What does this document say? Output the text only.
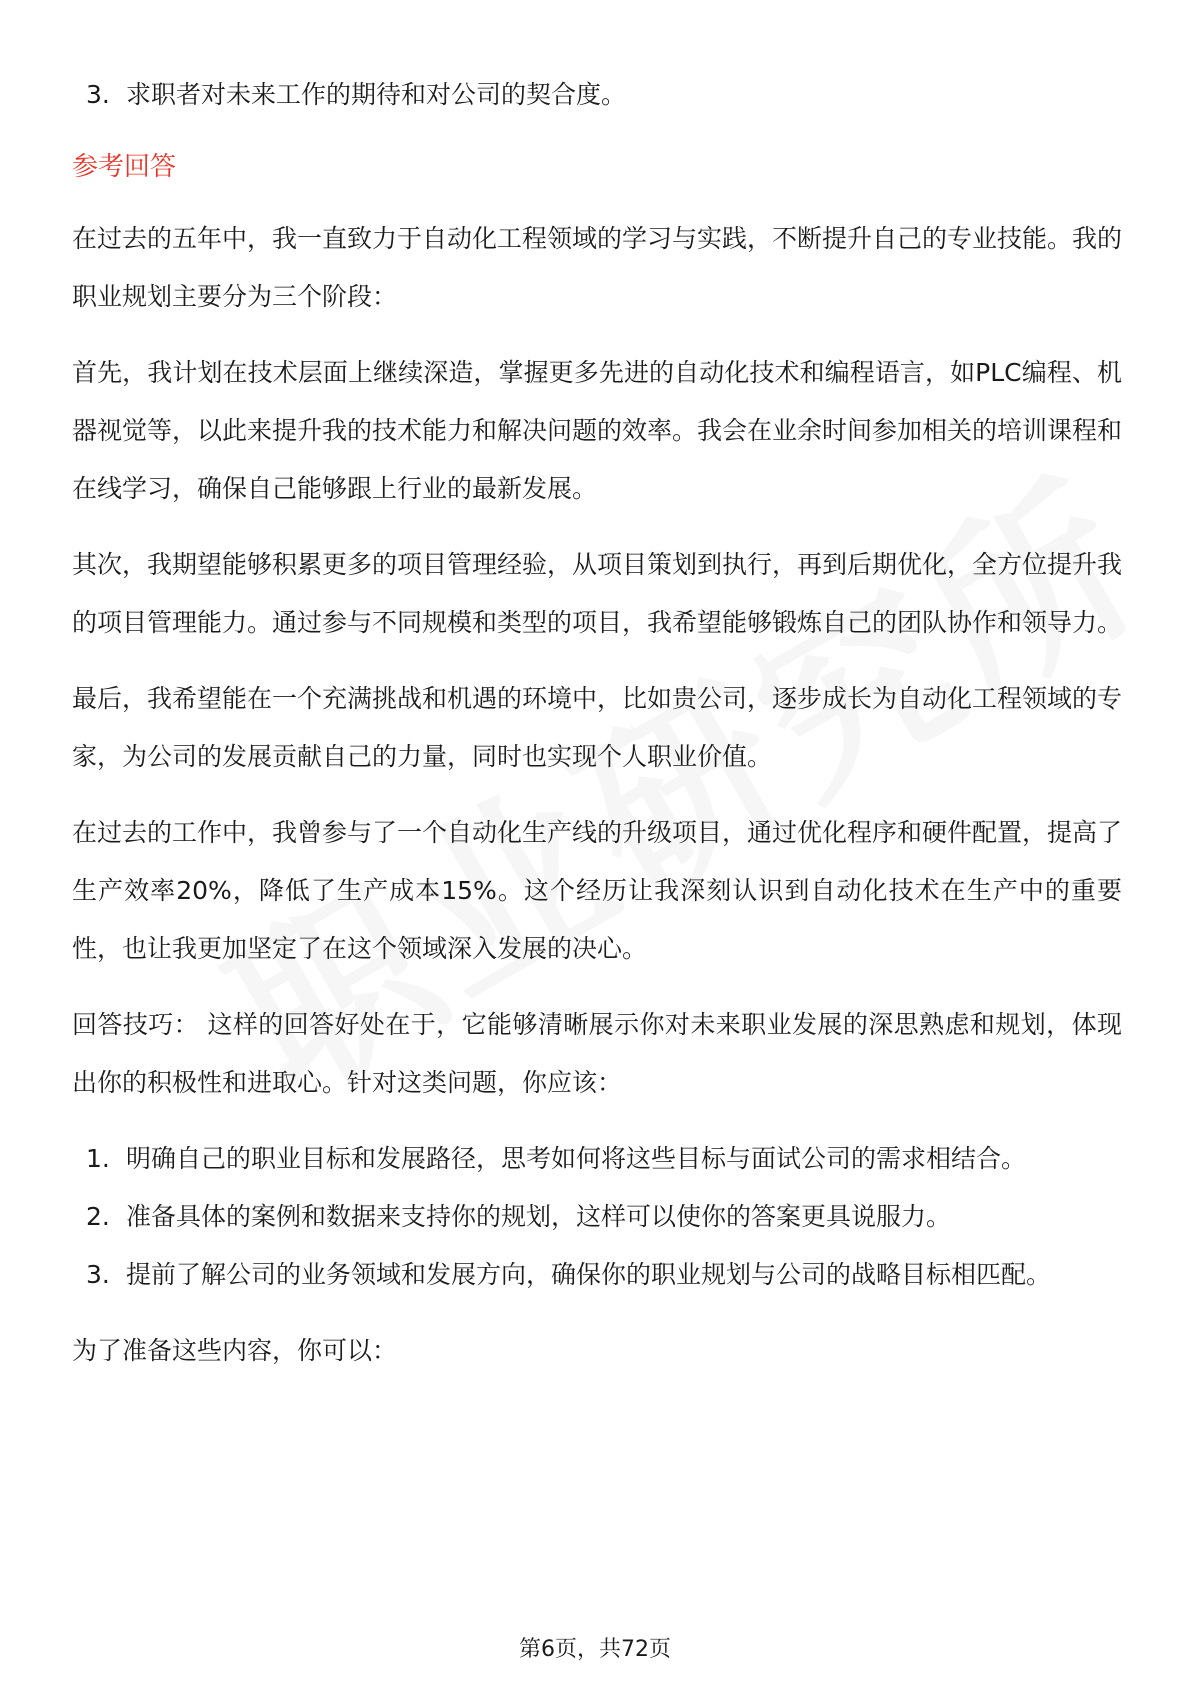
3. 求职者对未来工作的期待和对公司的契合度。
参考回答
在过去的五年中，我一直致力于自动化工程领域的学习与实践，不断提升自己的专业技能。我的职业规划主要分为三个阶段：
首先，我计划在技术层面上继续深造，掌握更多先进的自动化技术和编程语言，如PLC编程、机器视觉等，以此来提升我的技术能力和解决问题的效率。我会在业余时间参加相关的培训课程和在线学习，确保自己能够跟上行业的最新发展。
其次，我期望能够积累更多的项目管理经验，从项目策划到执行，再到后期优化，全方位提升我的项目管理能力。通过参与不同规模和类型的项目，我希望能够锻炼自己的团队协作和领导力。
最后，我希望能在一个充满挑战和机遇的环境中，比如贵公司，逐步成长为自动化工程领域的专家，为公司的发展贡献自己的力量，同时也实现个人职业价值。
在过去的工作中，我曾参与了一个自动化生产线的升级项目，通过优化程序和硬件配置，提高了生产效率20%，降低了生产成本15%。这个经历让我深刻认识到自动化技术在生产中的重要性，也让我更加坚定了在这个领域深入发展的决心。
回答技巧： 这样的回答好处在于，它能够清晰展示你对未来职业发展的深思熟虑和规划，体现出你的积极性和进取心。针对这类问题，你应该：
1. 明确自己的职业目标和发展路径，思考如何将这些目标与面试公司的需求相结合。
2. 准备具体的案例和数据来支持你的规划，这样可以使你的答案更具说服力。
3. 提前了解公司的业务领域和发展方向，确保你的职业规划与公司的战略目标相匹配。
为了准备这些内容，你可以：
第6页，共72页
